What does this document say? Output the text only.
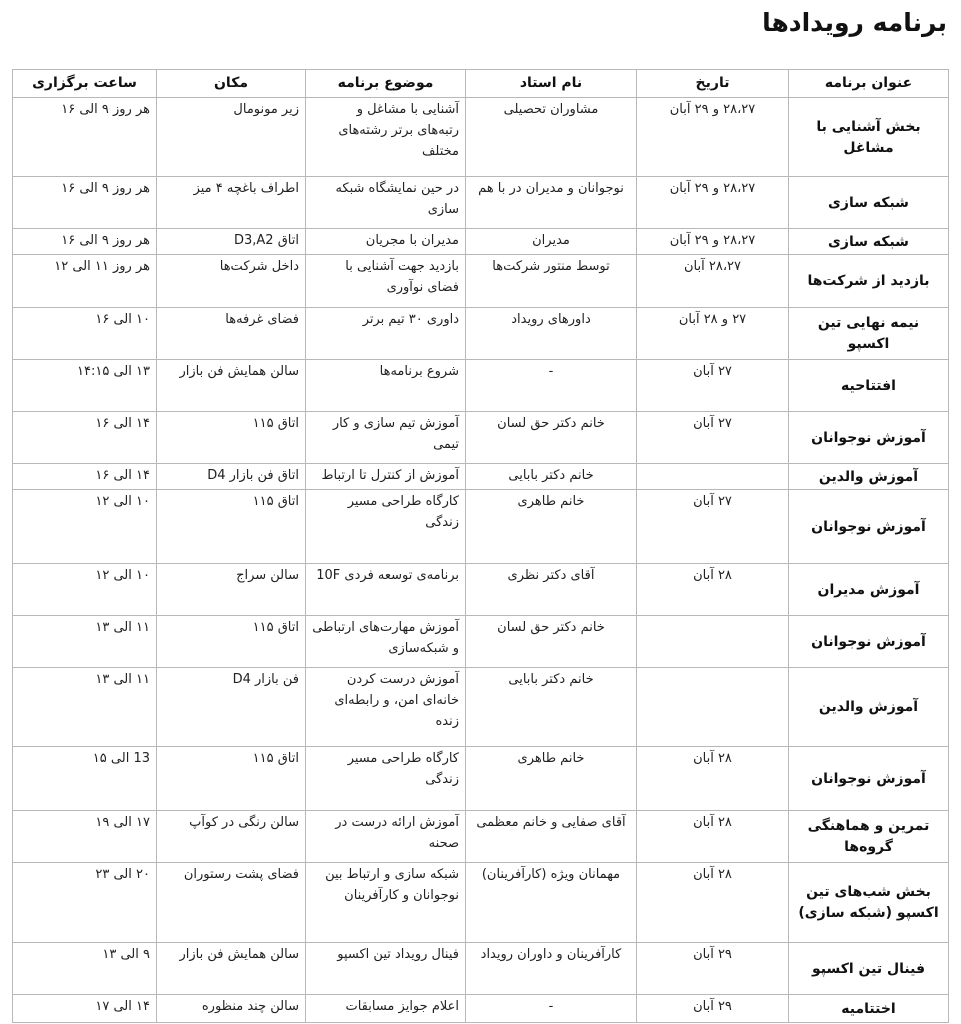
برنامه رویدادها
عنوان برنامه	تاریخ	نام استاد	موضوع برنامه	مکان	ساعت برگزاری
بخش آشنایی با مشاغل	۲۸،۲۷ و ۲۹ آبان	مشاوران تحصیلی	آشنایی با مشاغل و رتبه‌های برتر رشته‌های مختلف	زیر مونومال	هر روز ۹ الی ۱۶
شبکه سازی	۲۸،۲۷ و ۲۹ آبان	نوجوانان و مدیران در با هم	در حین نمایشگاه شبکه سازی	اطراف باغچه ۴ میز	هر روز ۹ الی ۱۶
شبکه سازی	۲۸،۲۷ و ۲۹ آبان	مدیران	مدیران با مجریان	اتاق D3,A2	هر روز ۹ الی ۱۶
بازدید از شرکت‌ها	۲۸،۲۷ آبان	توسط منتور شرکت‌ها	بازدید جهت آشنایی با فضای نوآوری	داخل شرکت‌ها	هر روز ۱۱ الی ۱۲
نیمه نهایی تین اکسپو	۲۷ و ۲۸ آبان	داورهای رویداد	داوری ۳۰ تیم برتر	فضای غرفه‌ها	۱۰ الی ۱۶
افتتاحیه	۲۷ آبان	-	شروع برنامه‌ها	سالن همایش فن بازار	۱۳ الی ۱۴:۱۵
آموزش نوجوانان	۲۷ آبان	خانم دکتر حق لسان	آموزش تیم سازی و کار تیمی	اتاق ۱۱۵	۱۴ الی ۱۶
آموزش والدین		خانم دکتر بابایی	آموزش از کنترل تا ارتباط	اتاق فن بازار D4	۱۴ الی ۱۶
آموزش نوجوانان	۲۷ آبان	خانم طاهری	کارگاه طراحی مسیر زندگی	اتاق ۱۱۵	۱۰ الی ۱۲
آموزش مدیران	۲۸ آبان	آقای دکتر نظری	برنامه‌ی توسعه فردی 10F	سالن سراج	۱۰ الی ۱۲
آموزش نوجوانان		خانم دکتر حق لسان	آموزش مهارت‌های ارتباطی و شبکه‌سازی	اتاق ۱۱۵	۱۱ الی ۱۳
آموزش والدین		خانم دکتر بابایی	آموزش درست کردن خانه‌ای امن، و رابطه‌ای زنده	فن بازار D4	۱۱ الی ۱۳
آموزش نوجوانان	۲۸ آبان	خانم طاهری	کارگاه طراحی مسیر زندگی	اتاق ۱۱۵	13 الی ۱۵
تمرین و هماهنگی گروه‌ها	۲۸ آبان	آقای صفایی و خانم معظمی	آموزش ارائه درست در صحنه	سالن رنگی در کوآپ	۱۷ الی ۱۹
بخش شب‌های تین اکسپو (شبکه سازی)	۲۸ آبان	مهمانان ویژه (کارآفرینان)	شبکه سازی و ارتباط بین نوجوانان و کارآفرینان	فضای پشت رستوران	۲۰ الی ۲۳
فینال تین اکسپو	۲۹ آبان	کارآفرینان و داوران رویداد	فینال رویداد تین اکسپو	سالن همایش فن بازار	۹ الی ۱۳
اختتامیه	۲۹ آبان	-	اعلام جوایز مسابقات	سالن چند منظوره	۱۴ الی ۱۷
